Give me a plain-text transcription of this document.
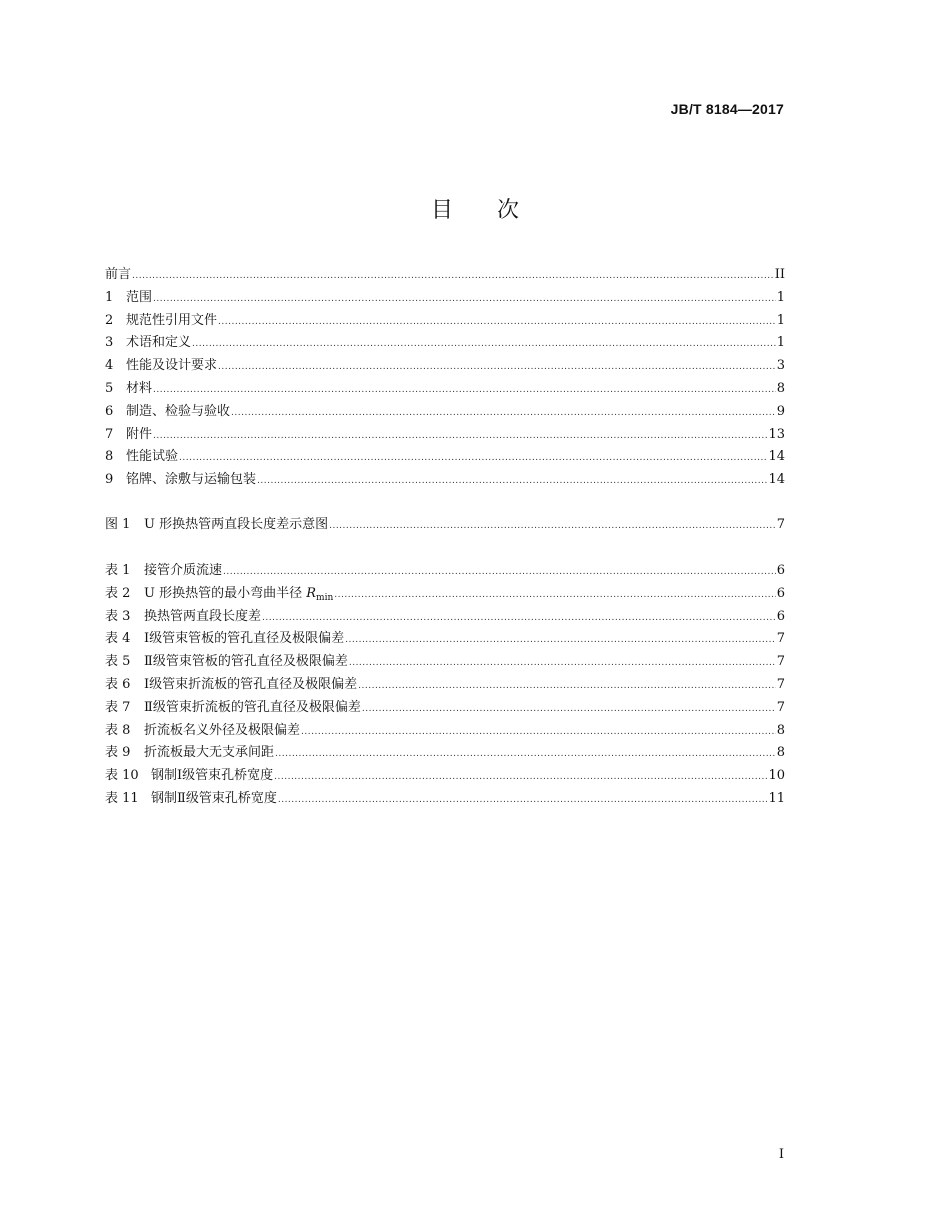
JB/T 8184—2017
目次
前言 .....	II
1 范围 .....	1
2 规范性引用文件 .....	1
3 术语和定义 .....	1
4 性能及设计要求 .....	3
5 材料 .....	8
6 制造、检验与验收 .....	9
7 附件 .....	13
8 性能试验 .....	14
9 铭牌、涂敷与运输包装 .....	14
图 1	U 形换热管两直段长度差示意图 .....	7
表 1	接管介质流速 .....	6
表 2	U 形换热管的最小弯曲半径 $R_{min}$ .....	6
表 3	换热管两直段长度差 .....	6
表 4	Ⅰ级管束管板的管孔直径及极限偏差 .....	7
表 5	Ⅱ级管束管板的管孔直径及极限偏差 .....	7
表 6	Ⅰ级管束折流板的管孔直径及极限偏差 .....	7
表 7	Ⅱ级管束折流板的管孔直径及极限偏差 .....	7
表 8	折流板名义外径及极限偏差 .....	8
表 9	折流板最大无支承间距 .....	8
表 10 钢制Ⅰ级管束孔桥宽度 .....	10
表 11 钢制Ⅱ级管束孔桥宽度 .....	11
I
